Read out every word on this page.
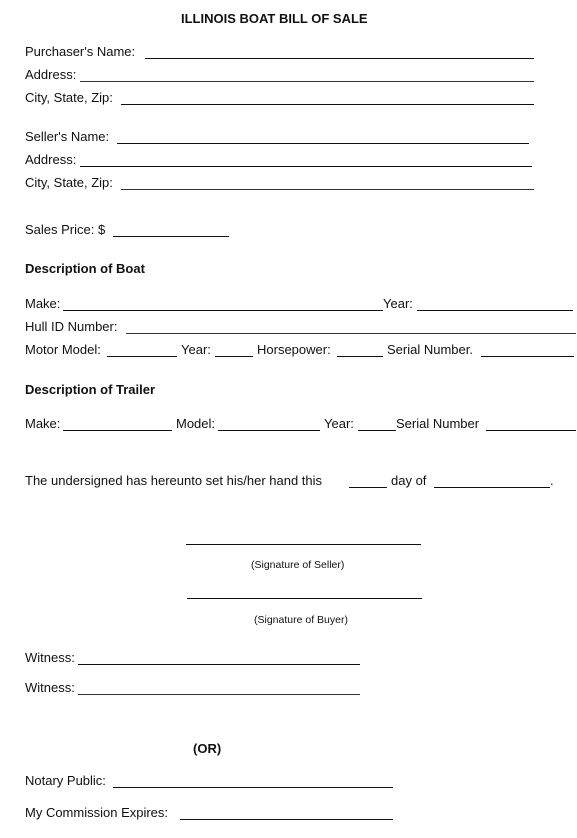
ILLINOIS BOAT BILL OF SALE
Purchaser's Name:
Address:
City, State, Zip:
Seller's Name:
Address:
City, State, Zip:
Sales Price: $
Description of Boat
Make:	Year:
Hull ID Number:
Motor Model:	Year:	Horsepower:	Serial Number.
Description of Trailer
Make:	Model:	Year:	Serial Number
The undersigned has hereunto set his/her hand this	day of	.
(Signature of Seller)
(Signature of Buyer)
Witness:
Witness:
(OR)
Notary Public:
My Commission Expires:
